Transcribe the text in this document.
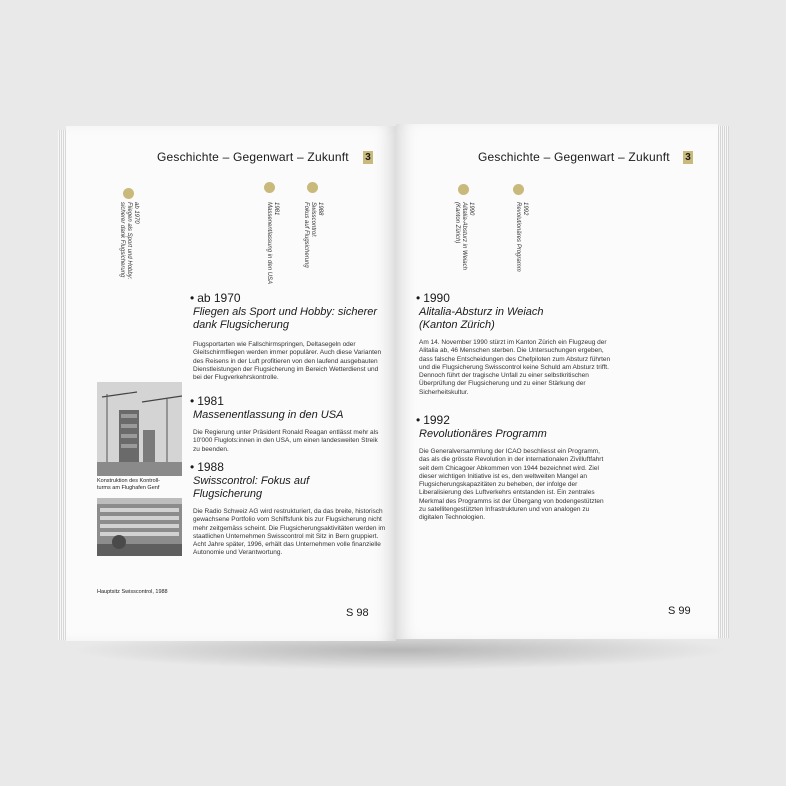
Geschichte – Gegenwart – Zukunft 3
ab 1970
Fliegen als Sport und Hobby:
sicherer dank Flugsicherung
1981
Massenentlassung in den USA
1988
Swisscontrol:
Fokus auf Flugsicherung
• ab 1970
Fliegen als Sport und Hobby: sicherer dank Flugsicherung
Flugsportarten wie Fallschirmspringen, Deltasegeln oder Gleitschirmfliegen werden immer populärer. Auch diese Varianten des Reisens in der Luft profitieren von den laufend ausgebauten Dienstleistungen der Flugsicherung im Bereich Wetterdienst und bei der Flugverkehrskontrolle.
• 1981
Massenentlassung in den USA
Die Regierung unter Präsident Ronald Reagan entlässt mehr als 10'000 Fluglots:innen in den USA, um einen landesweiten Streik zu beenden.
• 1988
Swisscontrol: Fokus auf Flugsicherung
Die Radio Schweiz AG wird restrukturiert, da das breite, historisch gewachsene Portfolio vom Schiffsfunk bis zur Flugsicherung nicht mehr zeitgemäss scheint. Die Flugsicherungsaktivitäten werden im staatlichen Unternehmen Swisscontrol mit Sitz in Bern gruppiert. Acht Jahre später, 1996, erhält das Unternehmen volle finanzielle Autonomie und Verantwortung.
Konstruktion des Kontroll-
turms am Flughafen Genf
Hauptsitz Swisscontrol, 1988
S 98
Geschichte – Gegenwart – Zukunft 3
1990
Alitalia-Absturz in Weiach
(Kanton Zürich)
1992
Revolutionäres Programm
• 1990
Alitalia-Absturz in Weiach (Kanton Zürich)
Am 14. November 1990 stürzt im Kanton Zürich ein Flugzeug der Alitalia ab, 46 Menschen sterben. Die Untersuchungen ergeben, dass falsche Entscheidungen des Chefpiloten zum Absturz führten und die Flugsicherung Swisscontrol keine Schuld am Absturz trifft. Dennoch führt der tragische Unfall zu einer selbstkritischen Überprüfung der Flugsicherung und zu einer Stärkung der Sicherheitskultur.
• 1992
Revolutionäres Programm
Die Generalversammlung der ICAO beschliesst ein Programm, das als die grösste Revolution in der internationalen Zivilluftfahrt seit dem Chicagoer Abkommen von 1944 bezeichnet wird. Ziel dieser wichtigen Initiative ist es, den weltweiten Mangel an Flugsicherungskapazitäten zu beheben, der infolge der Liberalisierung des Luftverkehrs entstanden ist. Ein zentrales Merkmal des Programms ist der Übergang von bodengestützten zu satellitengestützten Infrastrukturen und von analogen zu digitalen Technologien.
S 99
